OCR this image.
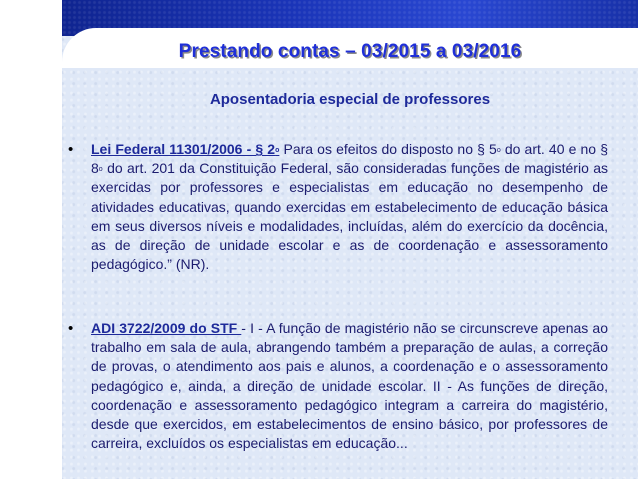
Prestando contas – 03/2015 a 03/2016
Aposentadoria especial de professores
• Lei Federal 11301/2006 - § 2$^o$ Para os efeitos do disposto no § 5$^o$ do art. 40 e no § 8$^o$ do art. 201 da Constituição Federal, são consideradas funções de magistério as exercidas por professores e especialistas em educação no desempenho de atividades educativas, quando exercidas em estabelecimento de educação básica em seus diversos níveis e modalidades, incluídas, além do exercício da docência, as de direção de unidade escolar e as de coordenação e assessoramento pedagógico.” (NR).
• ADI 3722/2009 do STF - I - A função de magistério não se circunscreve apenas ao trabalho em sala de aula, abrangendo também a preparação de aulas, a correção de provas, o atendimento aos pais e alunos, a coordenação e o assessoramento pedagógico e, ainda, a direção de unidade escolar. II - As funções de direção, coordenação e assessoramento pedagógico integram a carreira do magistério, desde que exercidos, em estabelecimentos de ensino básico, por professores de carreira, excluídos os especialistas em educação...
